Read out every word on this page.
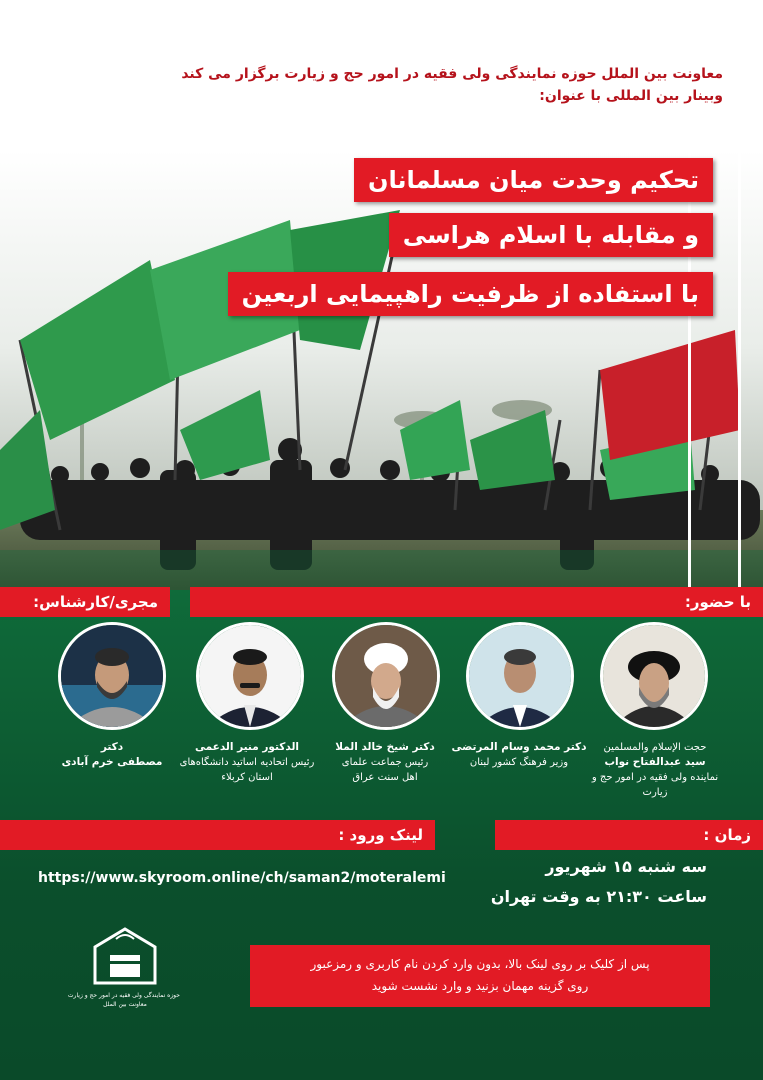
معاونت بین الملل حوزه نمایندگی ولی فقیه در امور حج و زیارت برگزار می کند
وبینار بین المللی با عنوان:
تحکیم وحدت میان مسلمانان
و مقابله با اسلام هراسی
با استفاده از ظرفیت راهپیمایی اربعین
با حضور:
مجری/کارشناس:
حجت الإسلام والمسلمین
سید عبدالفتاح نواب
نماینده ولی فقیه در امور حج و زیارت
دکتر محمد وسام المرتضی
وزیر فرهنگ کشور لبنان
دکتر شیخ خالد الملا
رئیس جماعت علمای
اهل سنت عراق
الدکتور منیر الدعمی
رئیس اتحادیه اساتید دانشگاه‌های
استان کربلاء
دکتر
مصطفی خرم آبادی
لینک ورود :	زمان :
https://www.skyroom.online/ch/saman2/moteralemi
سه شنبه ۱۵ شهریور
ساعت ۲۱:۳۰ به وقت تهران
حوزه نمایندگی ولی فقیه در امور حج و زیارت
معاونت بین الملل
پس از کلیک بر روی لینک بالا، بدون وارد کردن نام کاربری و رمزعبور
روی گزینه مهمان بزنید و وارد نشست شوید
